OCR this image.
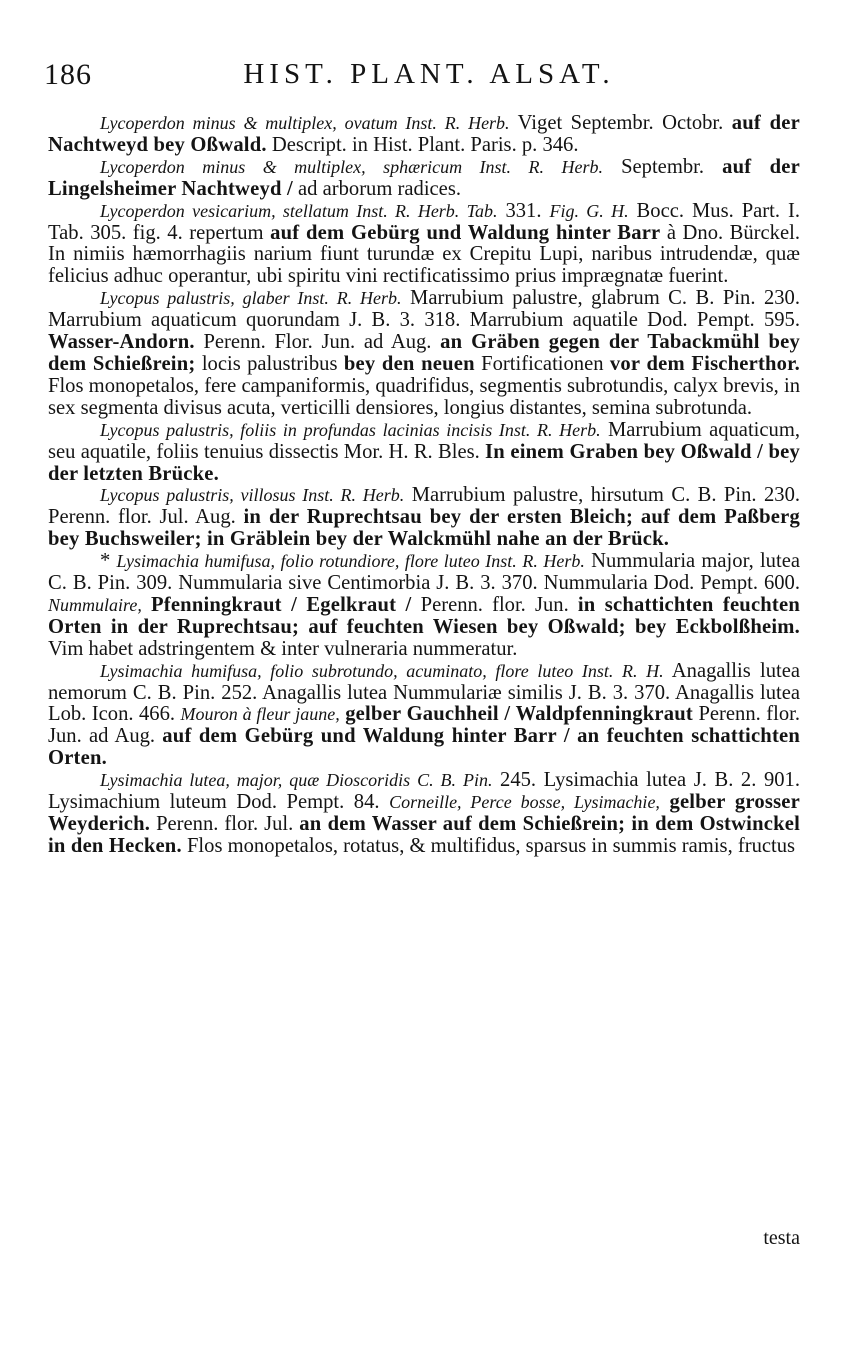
186	HIST. PLANT. ALSAT.

Lycoperdon minus & multiplex, ovatum Inst. R. Herb. Viget Septembr. Octobr. auf der Nachtweyd bey Oßwald. Descript. in Hist. Plant. Paris. p. 346.

Lycoperdon minus & multiplex, sphæricum Inst. R. Herb. Septembr. auf der Lingelsheimer Nachtweyd / ad arborum radices.

Lycoperdon vesicarium, stellatum Inst. R. Herb. Tab. 331. Fig. G. H. Bocc. Mus. Part. I. Tab. 305. fig. 4. repertum auf dem Gebürg und Waldung hinter Barr à Dno. Bürckel. In nimiis hæmorrhagiis narium fiunt turundæ ex Crepitu Lupi, naribus intrudendæ, quæ felicius adhuc operantur, ubi spiritu vini rectificatissimo prius imprægnatæ fuerint.

Lycopus palustris, glaber Inst. R. Herb. Marrubium palustre, glabrum C. B. Pin. 230. Marrubium aquaticum quorundam J. B. 3. 318. Marrubium aquatile Dod. Pempt. 595. Wasser-Andorn. Perenn. Flor. Jun. ad Aug. an Gräben gegen der Tabackmühl bey dem Schießrein; locis palustribus bey den neuen Fortificationen vor dem Fischerthor. Flos monopetalos, fere campaniformis, quadrifidus, segmentis subrotundis, calyx brevis, in sex segmenta divisus acuta, verticilli densiores, longius distantes, semina subrotunda.

Lycopus palustris, foliis in profundas lacinias incisis Inst. R. Herb. Marrubium aquaticum, seu aquatile, foliis tenuius dissectis Mor. H. R. Bles. In einem Graben bey Oßwald / bey der letzten Brücke.

Lycopus palustris, villosus Inst. R. Herb. Marrubium palustre, hirsutum C. B. Pin. 230. Perenn. flor. Jul. Aug. in der Ruprechtsau bey der ersten Bleich; auf dem Paßberg bey Buchsweiler; in Gräblein bey der Walckmühl nahe an der Brück.

* Lysimachia humifusa, folio rotundiore, flore luteo Inst. R. Herb. Nummularia major, lutea C. B. Pin. 309. Nummularia sive Centimorbia J. B. 3. 370. Nummularia Dod. Pempt. 600. Nummulaire, Pfenningkraut / Egelkraut / Perenn. flor. Jun. in schattichten feuchten Orten in der Ruprechtsau; auf feuchten Wiesen bey Oßwald; bey Eckbolßheim. Vim habet adstringentem & inter vulneraria nummeratur.

Lysimachia humifusa, folio subrotundo, acuminato, flore luteo Inst. R. H. Anagallis lutea nemorum C. B. Pin. 252. Anagallis lutea Nummulariæ similis J. B. 3. 370. Anagallis lutea Lob. Icon. 466. Mouron à fleur jaune, gelber Gauchheil / Waldpfenningkraut Perenn. flor. Jun. ad Aug. auf dem Gebürg und Waldung hinter Barr / an feuchten schattichten Orten.

Lysimachia lutea, major, quæ Dioscoridis C. B. Pin. 245. Lysimachia lutea J. B. 2. 901. Lysimachium luteum Dod. Pempt. 84. Corneille, Perce bosse, Lysimachie, gelber grosser Weyderich. Perenn. flor. Jul. an dem Wasser auf dem Schießrein; in dem Ostwinckel in den Hecken. Flos monopetalos, rotatus, & multifidus, sparsus in summis ramis, fructus

testa
